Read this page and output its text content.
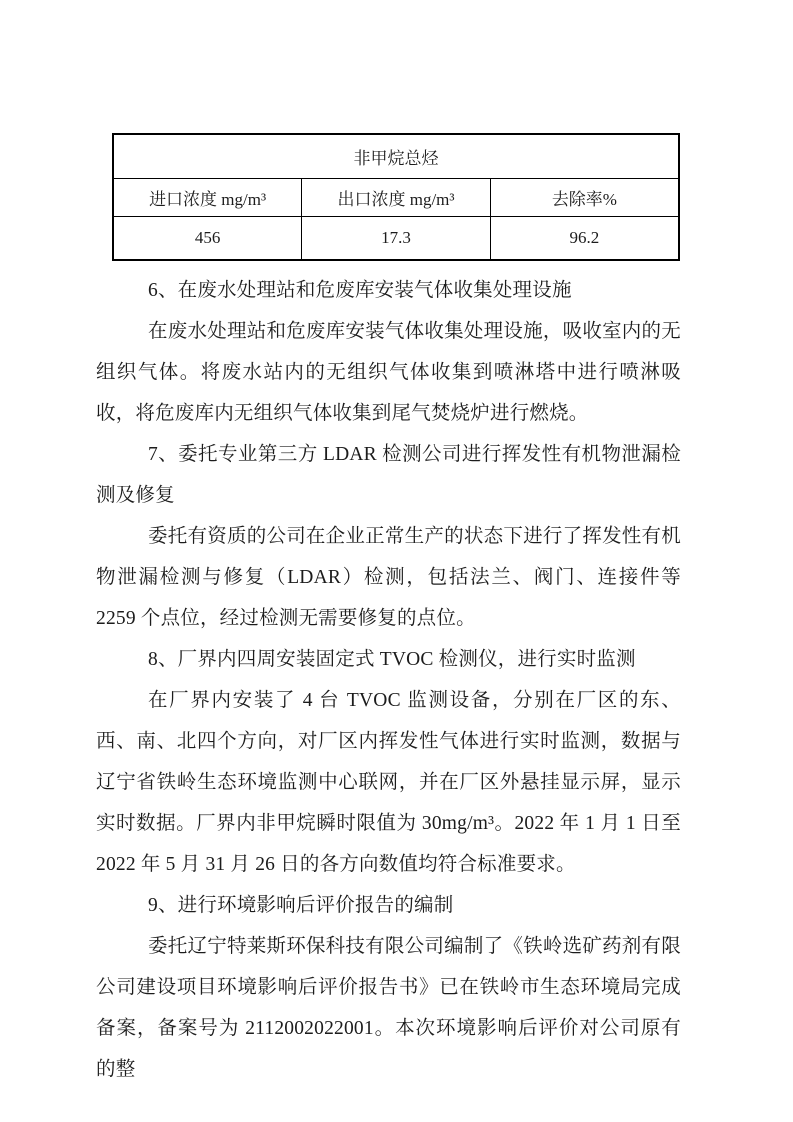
非甲烷总烃		
进口浓度 mg/m³	出口浓度 mg/m³	去除率%
456	17.3	96.2

6、在废水处理站和危废库安装气体收集处理设施

在废水处理站和危废库安装气体收集处理设施，吸收室内的无组织气体。将废水站内的无组织气体收集到喷淋塔中进行喷淋吸收，将危废库内无组织气体收集到尾气焚烧炉进行燃烧。

7、委托专业第三方 LDAR 检测公司进行挥发性有机物泄漏检测及修复

委托有资质的公司在企业正常生产的状态下进行了挥发性有机物泄漏检测与修复（LDAR）检测，包括法兰、阀门、连接件等 2259 个点位，经过检测无需要修复的点位。

8、厂界内四周安装固定式 TVOC 检测仪，进行实时监测

在厂界内安装了 4 台 TVOC 监测设备，分别在厂区的东、西、南、北四个方向，对厂区内挥发性气体进行实时监测，数据与辽宁省铁岭生态环境监测中心联网，并在厂区外悬挂显示屏，显示实时数据。厂界内非甲烷瞬时限值为 30mg/m³。2022 年 1 月 1 日至 2022 年 5 月 31 月 26 日的各方向数值均符合标准要求。

9、进行环境影响后评价报告的编制

委托辽宁特莱斯环保科技有限公司编制了《铁岭选矿药剂有限公司建设项目环境影响后评价报告书》已在铁岭市生态环境局完成备案，备案号为 2112002022001。本次环境影响后评价对公司原有的整
